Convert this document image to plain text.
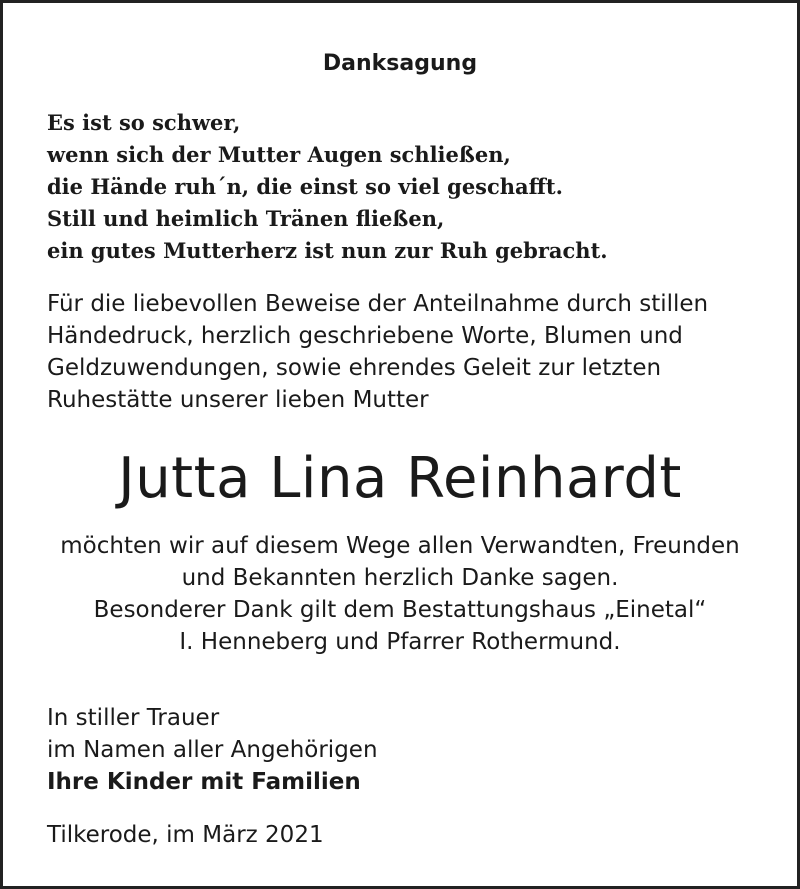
Danksagung
Es ist so schwer,
wenn sich der Mutter Augen schließen,
die Hände ruh´n, die einst so viel geschafft.
Still und heimlich Tränen fließen,
ein gutes Mutterherz ist nun zur Ruh gebracht.
Für die liebevollen Beweise der Anteilnahme durch stillen
Händedruck, herzlich geschriebene Worte, Blumen und
Geldzuwendungen, sowie ehrendes Geleit zur letzten
Ruhestätte unserer lieben Mutter
Jutta Lina Reinhardt
möchten wir auf diesem Wege allen Verwandten, Freunden
und Bekannten herzlich Danke sagen.
Besonderer Dank gilt dem Bestattungshaus „Einetal“
I. Henneberg und Pfarrer Rothermund.
In stiller Trauer
im Namen aller Angehörigen
Ihre Kinder mit Familien
Tilkerode, im März 2021
